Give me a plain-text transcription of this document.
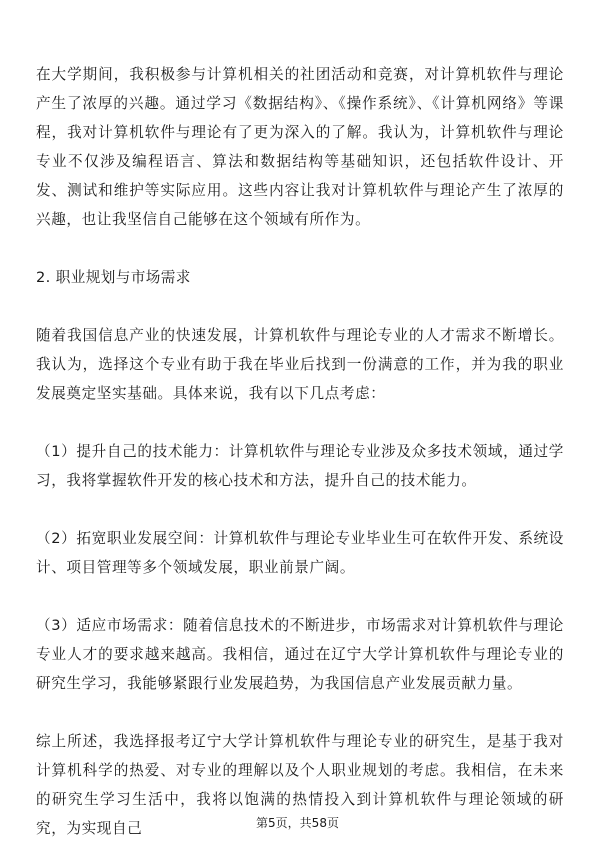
在大学期间，我积极参与计算机相关的社团活动和竞赛，对计算机软件与理论产生了浓厚的兴趣。通过学习《数据结构》、《操作系统》、《计算机网络》等课程，我对计算机软件与理论有了更为深入的了解。我认为，计算机软件与理论专业不仅涉及编程语言、算法和数据结构等基础知识，还包括软件设计、开发、测试和维护等实际应用。这些内容让我对计算机软件与理论产生了浓厚的兴趣，也让我坚信自己能够在这个领域有所作为。

2. 职业规划与市场需求

随着我国信息产业的快速发展，计算机软件与理论专业的人才需求不断增长。我认为，选择这个专业有助于我在毕业后找到一份满意的工作，并为我的职业发展奠定坚实基础。具体来说，我有以下几点考虑：

（1）提升自己的技术能力：计算机软件与理论专业涉及众多技术领域，通过学习，我将掌握软件开发的核心技术和方法，提升自己的技术能力。

（2）拓宽职业发展空间：计算机软件与理论专业毕业生可在软件开发、系统设计、项目管理等多个领域发展，职业前景广阔。

（3）适应市场需求：随着信息技术的不断进步，市场需求对计算机软件与理论专业人才的要求越来越高。我相信，通过在辽宁大学计算机软件与理论专业的研究生学习，我能够紧跟行业发展趋势，为我国信息产业发展贡献力量。

综上所述，我选择报考辽宁大学计算机软件与理论专业的研究生，是基于我对计算机科学的热爱、对专业的理解以及个人职业规划的考虑。我相信，在未来的研究生学习生活中，我将以饱满的热情投入到计算机软件与理论领域的研究，为实现自己	第5页，共58页
